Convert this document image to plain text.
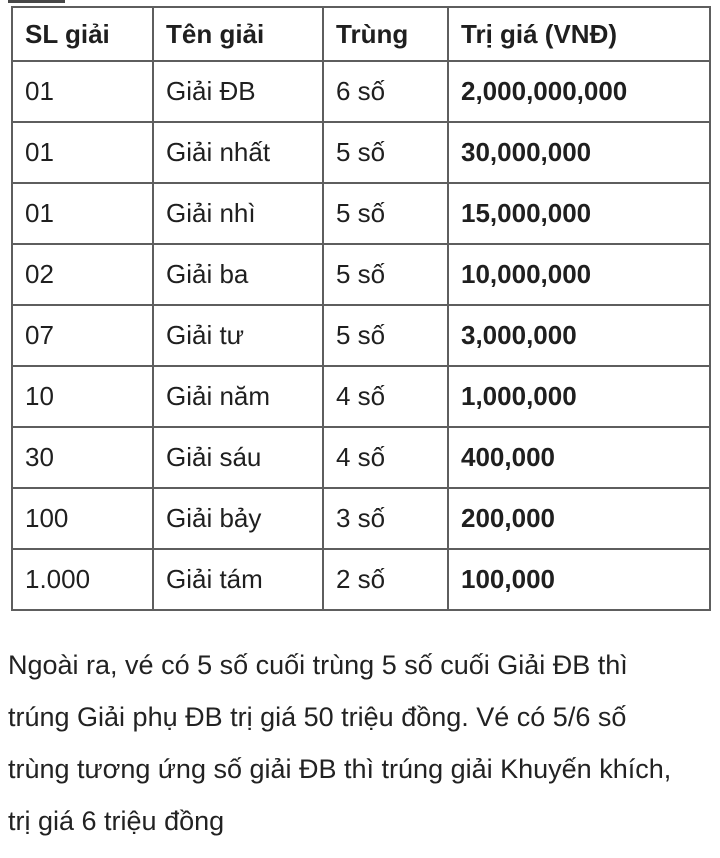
SL giải	Tên giải	Trùng	Trị giá (VNĐ)
01	Giải ĐB	6 số	2,000,000,000
01	Giải nhất	5 số	30,000,000
01	Giải nhì	5 số	15,000,000
02	Giải ba	5 số	10,000,000
07	Giải tư	5 số	3,000,000
10	Giải năm	4 số	1,000,000
30	Giải sáu	4 số	400,000
100	Giải bảy	3 số	200,000
1.000	Giải tám	2 số	100,000
Ngoài ra, vé có 5 số cuối trùng 5 số cuối Giải ĐB thì
trúng Giải phụ ĐB trị giá 50 triệu đồng. Vé có 5/6 số
trùng tương ứng số giải ĐB thì trúng giải Khuyến khích,
trị giá 6 triệu đồng
